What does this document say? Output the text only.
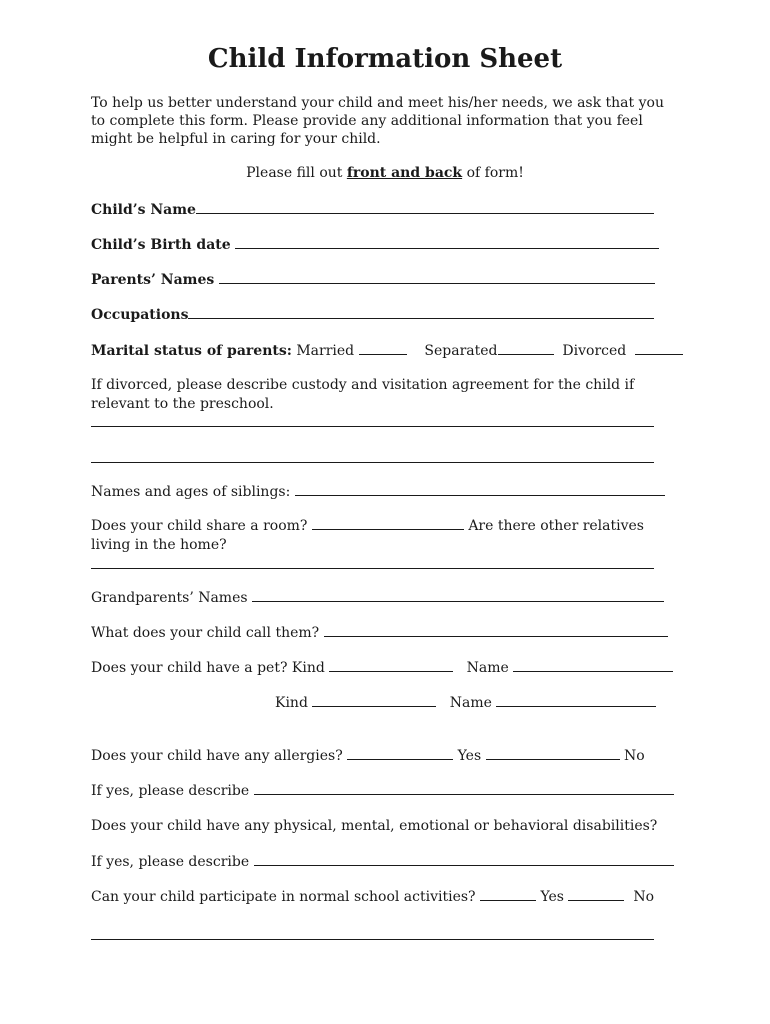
Child Information Sheet
To help us better understand your child and meet his/her needs, we ask that you to complete this form. Please provide any additional information that you feel might be helpful in caring for your child.
Please fill out front and back of form!
Child’s Name
Child’s Birth date
Parents’ Names
Occupations
Marital status of parents: Married	Separated	Divorced
If divorced, please describe custody and visitation agreement for the child if relevant to the preschool.
Names and ages of siblings:
Does your child share a room?	Are there other relatives living in the home?
Grandparents’ Names
What does your child call them?
Does your child have a pet? Kind	Name
Kind	Name
Does your child have any allergies?	Yes	No
If yes, please describe
Does your child have any physical, mental, emotional or behavioral disabilities?
If yes, please describe
Can your child participate in normal school activities?	Yes	No
